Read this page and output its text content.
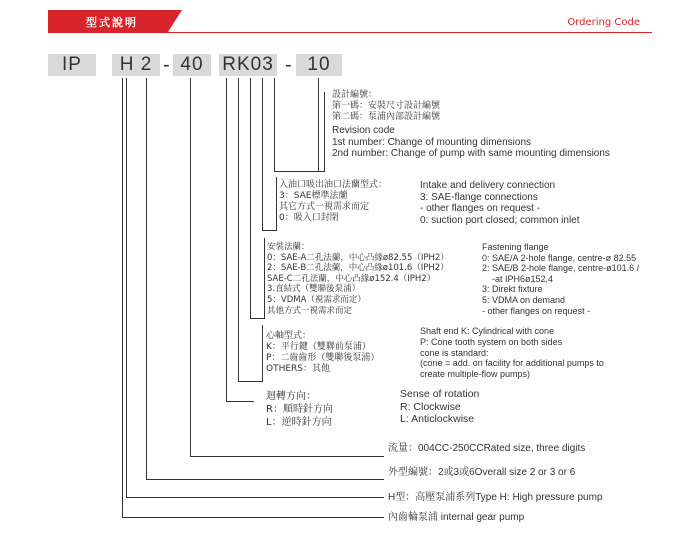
型式說明	Ordering Code
IP	H 2 - 40 RK03 - 10
設計編號：
第一碼：安裝尺寸設計編號
第二碼：泵浦內部設計編號
Revision code
1st number: Change of mounting dimensions
2nd number: Change of pump with same mounting dimensions
入油口吸出油口法蘭型式：
3：SAE標準法蘭
其它方式一視需求而定
0：吸入口封閉
Intake and delivery connection
3: SAE-flange connections
- other flanges on request -
0: suction port closed; common inlet
安裝法蘭：
0：SAE-A二孔法蘭，中心凸緣ø82.55（IPH2）
2：SAE-B二孔法蘭，中心凸緣ø101.6（IPH2）
SAE-C二孔法蘭，中心凸緣ø152.4（IPH2）
3.直結式（雙聯後泵浦）
5：VDMA（視需求而定）
其他方式一視需求而定
Fastening flange
0: SAE/A 2-hole flange, centre-ø 82.55
2: SAE/B 2-hole flange, centre-ø101.6 /
-at IPH6ø152,4
3: Direkt fixture
5: VDMA on demand
- other flanges on request -
心軸型式：
K：平行鍵（雙聯前泵浦）
P：二齒齒形（雙聯後泵浦）
OTHERS：其他
Shaft end K: Cylindrical with cone
P: Cone tooth system on both sides
cone is standard:
(cone = add. on facility for additional pumps to
create multiple-flow pumps)
迴轉方向：
R：順時針方向
L：逆時針方向
Sense of rotation
R: Clockwise
L: Anticlockwise
流量：004CC-250CCRated size, three digits
外型編號：2或3或6Overall size 2 or 3 or 6
H型：高壓泵浦系列Type H: High pressure pump
內齒輪泵浦 internal gear pump
